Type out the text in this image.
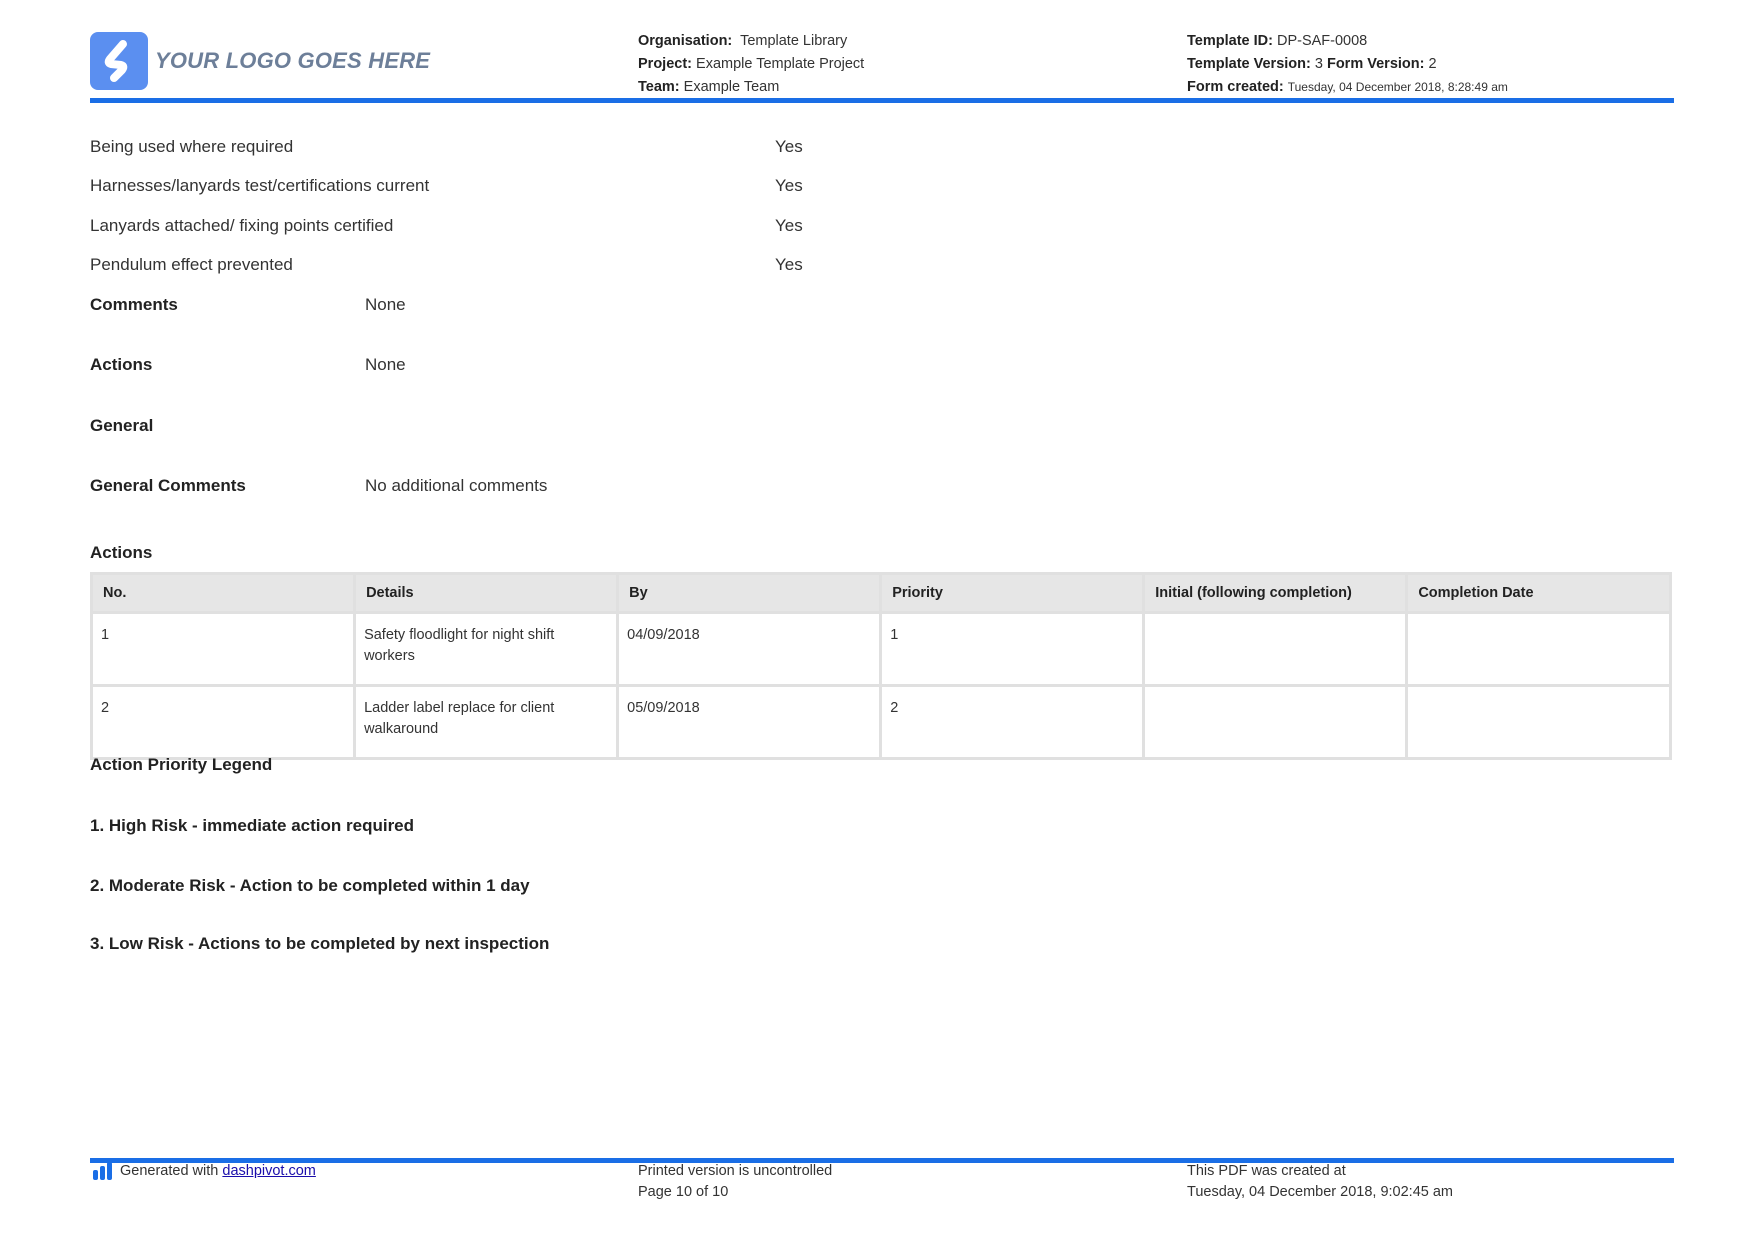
YOUR LOGO GOES HERE
Organisation: Template Library
Project: Example Template Project
Team: Example Team
Template ID: DP-SAF-0008
Template Version: 3 Form Version: 2
Form created: Tuesday, 04 December 2018, 8:28:49 am
Being used where required	Yes
Harnesses/lanyards test/certifications current	Yes
Lanyards attached/ fixing points certified	Yes
Pendulum effect prevented	Yes
Comments	None
Actions	None
General
General Comments	No additional comments
Actions
No.	Details	By	Priority	Initial (following completion)	Completion Date
1	Safety floodlight for night shift workers	04/09/2018	1		
2	Ladder label replace for client walkaround	05/09/2018	2		
Action Priority Legend
1. High Risk - immediate action required
2. Moderate Risk - Action to be completed within 1 day
3. Low Risk - Actions to be completed by next inspection
Generated with dashpivot.com	Printed version is uncontrolled
Page 10 of 10
This PDF was created at
Tuesday, 04 December 2018, 9:02:45 am
